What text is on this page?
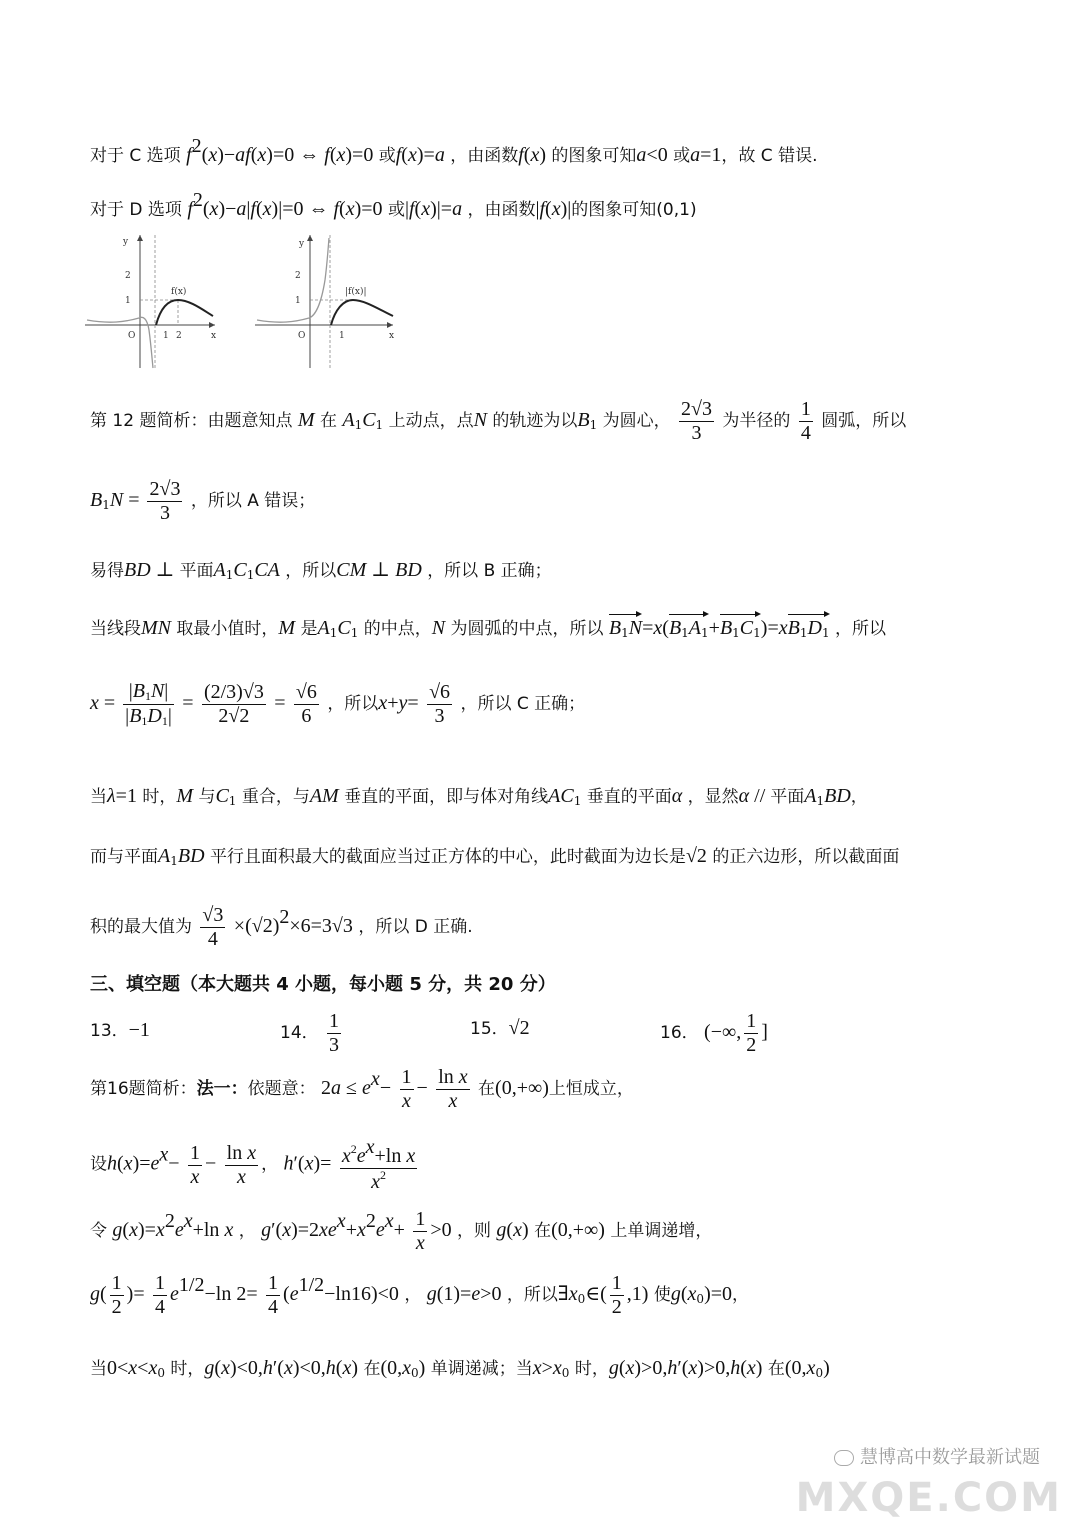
对于 C 选项 $f^2(x)-af(x)=0$ ⇔ f(x)=0 或f(x)=a ，由函数f(x) 的图象可知a<0 或a=1，故 C 错误.
对于 D 选项 $f^2(x)-a|f(x)|=0$ ⇔ f(x)=0 或|f(x)|=a ，由函数|f(x)|的图象可知(0,1)
y
x
O	1 2
2
1
f(x)
y
x
O	1
2
1
|f(x)|
第 12 题简析：由题意知点 M 在 $A_1C_1$ 上动点，点N 的轨迹为以$B_1$ 为圆心， $\frac{2√3}{3}$ 为半径的 $\frac{1}{4}$ 圆弧，所以
$B_1N = \frac{2√3}{3}$ ，所以 A 错误；
易得BD ⊥ 平面$A_1C_1CA$ ，所以CM ⊥ BD ，所以 B 正确；
当线段MN 取最小值时，M 是$A_1C_1$ 的中点，N 为圆弧的中点，所以 $B_1N=x(B_1A_1+B_1C_1)=xB_1D_1$ ，所以
$x = \frac{|B_1N|}{|B_1D_1|} = \frac{(2/3)√3}{2√2} = \frac{√6}{6}$ ，所以$x+y= \frac{√6}{3}$ ，所以 C 正确；
当λ=1 时，M 与$C_1$ 重合，与AM 垂直的平面，即与体对角线$AC_1$ 垂直的平面α ，显然α // 平面$A_1BD$，
而与平面$A_1BD$ 平行且面积最大的截面应当过正方体的中心，此时截面为边长是√2 的正六边形，所以截面面
积的最大值为 $\frac{√3}{4} \times(√2)^2\times 6=3√3$ ，所以 D 正确.
三、填空题（本大题共 4 小题，每小题 5 分，共 20 分）
13．−1	14． $\frac{1}{3}$	15．√2	16． (−∞, $\frac{1}{2}$ ]
第16题简析：法一：依题意： $2a \le e^x- \frac{1}{x} - \frac{\text{ln x}}{x}$ 在(0,+∞)上恒成立，
设$h(x)=e^x- \frac{1}{x} - \frac{\text{ln x}}{x}$ ， $h'(x)= \frac{x^2e^x+\ln x}{x^2}$
令 $g(x)=x^2e^x+\ln$ x ， $g'(x)=2xe^x+x^2e^x+ \frac{1}{x} >0$ ，则 g(x) 在(0,+∞) 上单调递增，
$g( \frac{1}{2}$ )= $\frac{1}{4} e^{1/2}-\ln$ $2= \frac{1}{4} (e^{1/2}-\ln 16)<0$ ， g(1)=e>0 ，所以$\exists x_0\in( \frac{1}{2} ,1)$ 使$g(x_0)=0$，
当$0<x<x_0$ 时，g(x)<0,h′(x)<0,h(x) 在$(0,x_0)$ 单调递减；当$x>x_0$ 时，g(x)>0,h′(x)>0,h(x) 在$(0,x_0)$
MXQE.COM
慧博高中数学最新试题
